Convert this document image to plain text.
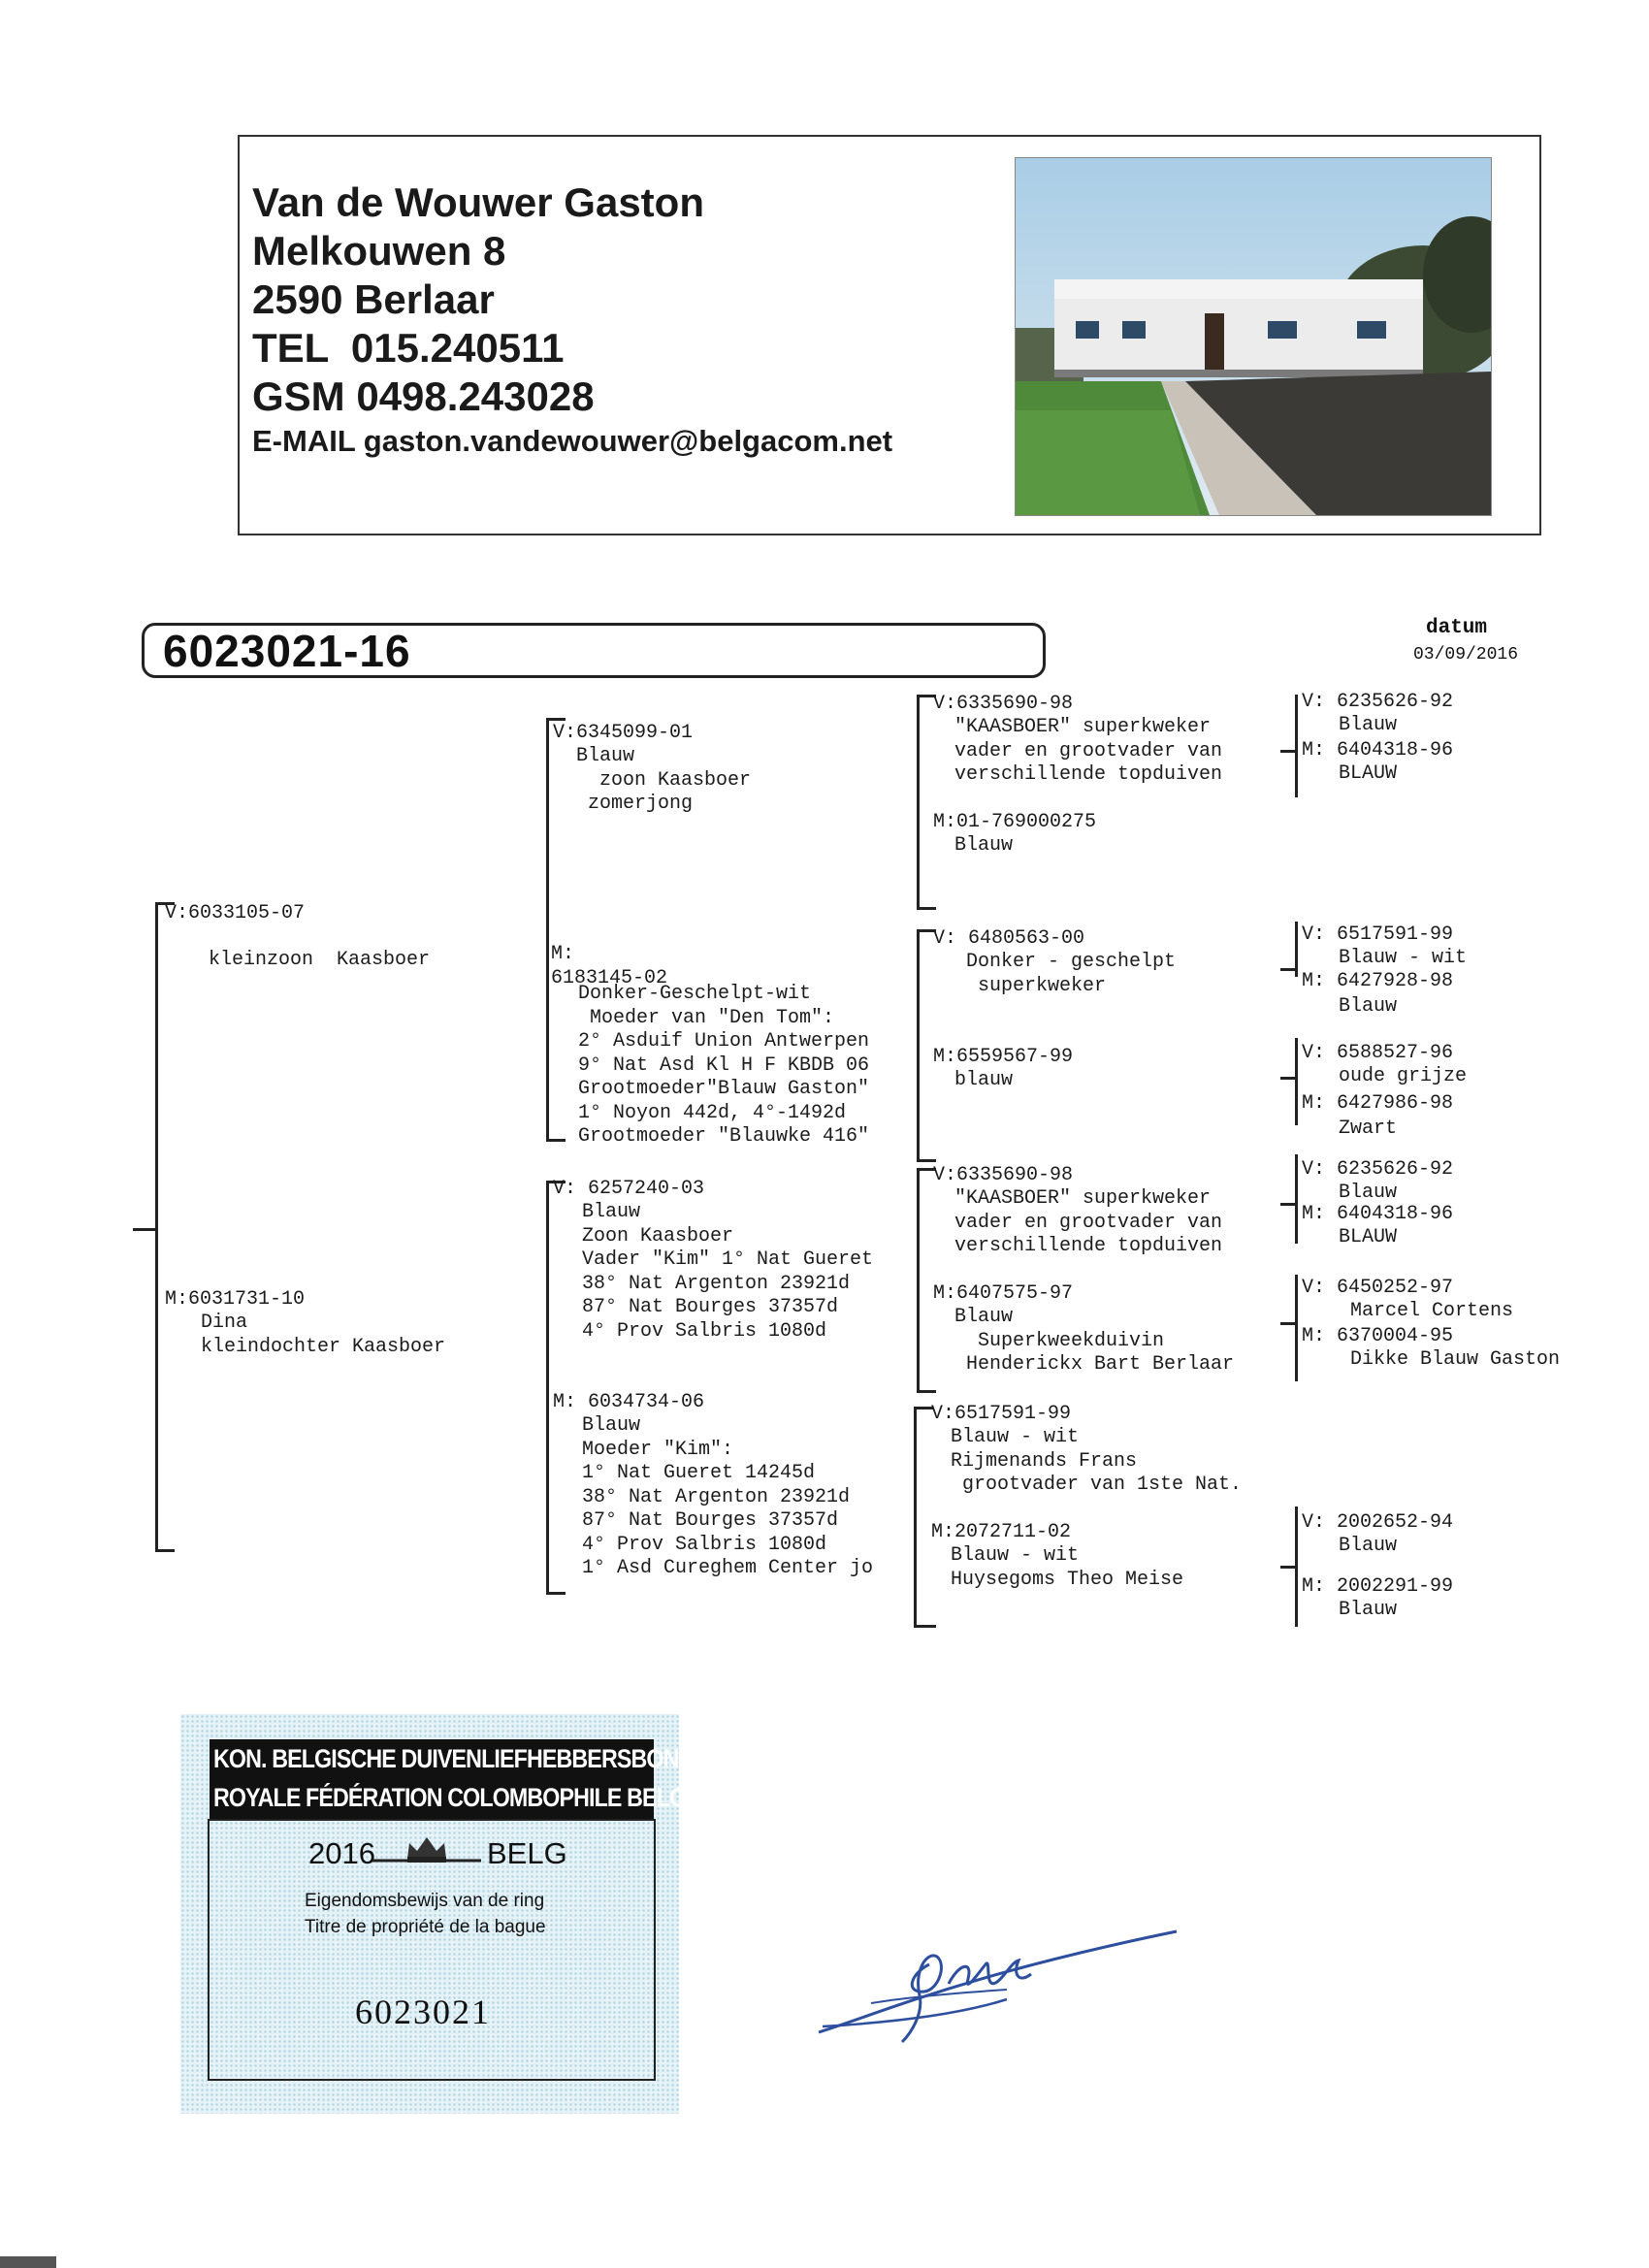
Van de Wouwer Gaston
Melkouwen 8
2590 Berlaar
TEL  015.240511
GSM 0498.243028
E-MAIL gaston.vandewouwer@belgacom.net
6023021-16	datum
03/09/2016
V:6033105-07
kleinzoon  Kaasboer
M:6031731-10
Dina
kleindochter Kaasboer
V:6345099-01
Blauw
zoon Kaasboer
zomerjong
M:
6183145-02
Donker-Geschelpt-wit
Moeder van "Den Tom":
2° Asduif Union Antwerpen
9° Nat Asd Kl H F KBDB 06
Grootmoeder"Blauw Gaston"
1° Noyon 442d, 4°-1492d
Grootmoeder "Blauwke 416"
V: 6257240-03
Blauw
Zoon Kaasboer
Vader "Kim" 1° Nat Gueret
38° Nat Argenton 23921d
87° Nat Bourges 37357d
4° Prov Salbris 1080d
M: 6034734-06
Blauw
Moeder "Kim":
1° Nat Gueret 14245d
38° Nat Argenton 23921d
87° Nat Bourges 37357d
4° Prov Salbris 1080d
1° Asd Cureghem Center jo
V:6335690-98
"KAASBOER" superkweker
vader en grootvader van
verschillende topduiven
M:01-769000275
Blauw
V: 6480563-00
Donker - geschelpt
superkweker
M:6559567-99
blauw
V:6335690-98
"KAASBOER" superkweker
vader en grootvader van
verschillende topduiven
M:6407575-97
Blauw
Superkweekduivin
Henderickx Bart Berlaar
V:6517591-99
Blauw - wit
Rijmenands Frans
grootvader van 1ste Nat.
M:2072711-02
Blauw - wit
Huysegoms Theo Meise
V: 6235626-92
Blauw
M: 6404318-96
BLAUW
V: 6517591-99
Blauw - wit
M: 6427928-98
Blauw
V: 6588527-96
oude grijze
M: 6427986-98
Zwart
V: 6235626-92
Blauw
M: 6404318-96
BLAUW
V: 6450252-97
Marcel Cortens
M: 6370004-95
Dikke Blauw Gaston
V: 2002652-94
Blauw
M: 2002291-99
Blauw
KON. BELGISCHE DUIVENLIEFHEBBERSBOND
ROYALE FÉDÉRATION COLOMBOPHILE BELGE
2016	BELG
Eigendomsbewijs van de ring
Titre de propriété de la bague
6023021
